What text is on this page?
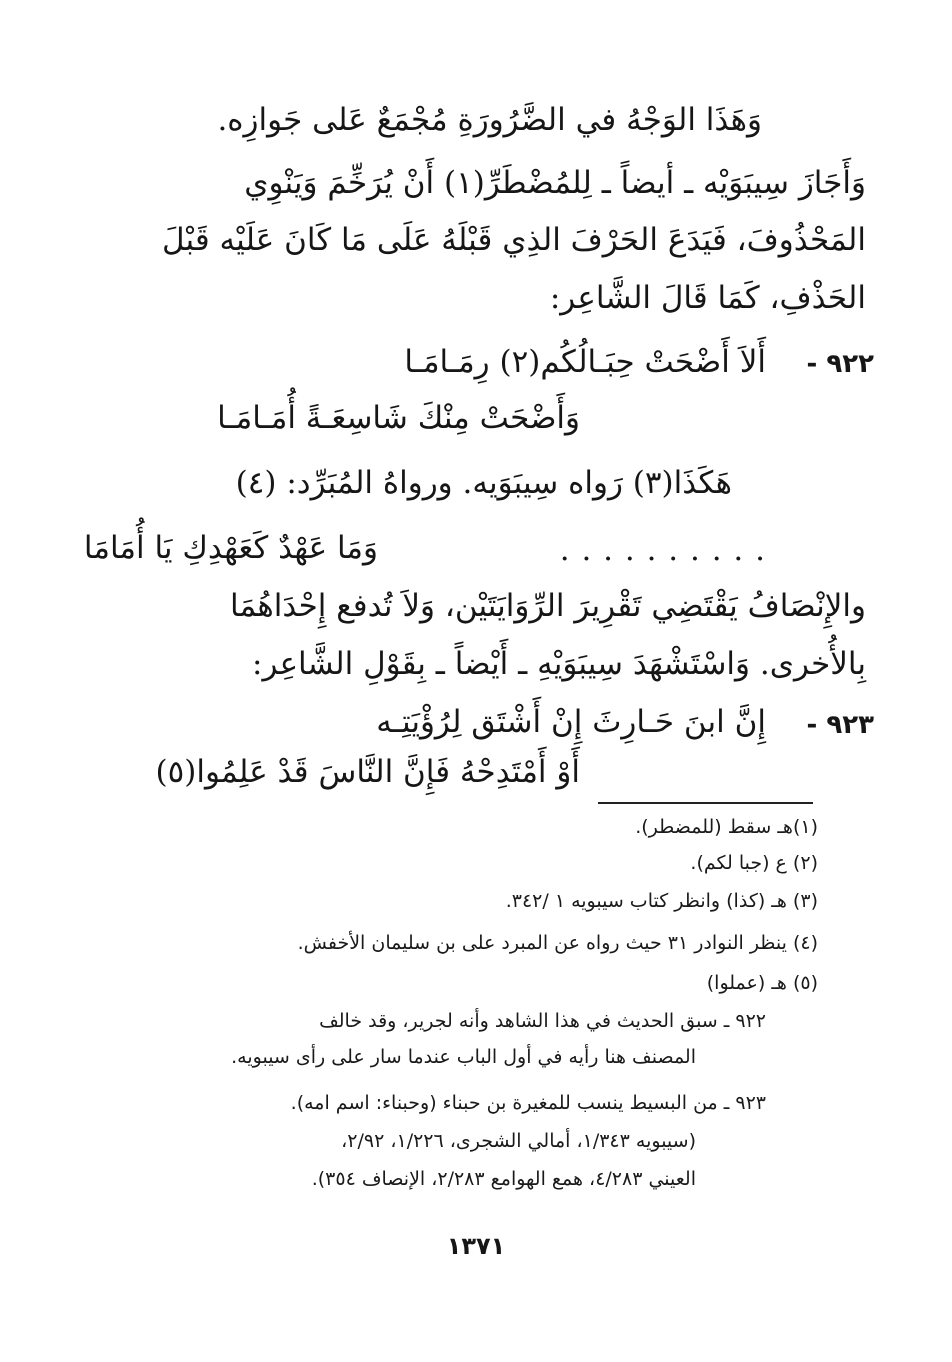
وَهَذَا الوَجْهُ في الضَّرُورَةِ مُجْمَعٌ عَلى جَوازِه.
وَأَجَازَ سِيبَوَيْه ـ أيضاً ـ لِلمُضْطَرِّ(١) أَنْ يُرَخِّمَ وَيَنْوِي
المَحْذُوفَ، فَيَدَعَ الحَرْفَ الذِي قَبْلَهُ عَلَى مَا كَانَ عَلَيْه قَبْلَ
الحَذْفِ، كَمَا قَالَ الشَّاعِر:
٩٢٢ -
أَلاَ أَضْحَتْ حِبَـالُكُم(٢) رِمَـامَـا
وَأَضْحَتْ مِنْكَ شَاسِعَـةً أُمَـامَـا
هَكَذَا(٣) رَواه سِيبَوَيه. ورواهُ المُبَرِّد: (٤)
. . . . . . . . . .
وَمَا عَهْدٌ كَعَهْدِكِ يَا أُمَامَا
والإِنْصَافُ يَقْتَضِي تَقْرِيرَ الرِّوَايَتَيْن، وَلاَ تُدفع إِحْدَاهُمَا
بِالأُخرى. وَاسْتَشْهَدَ سِيبَوَيْهِ ـ أَيْضاً ـ بِقَوْلِ الشَّاعِر:
٩٢٣ -
إِنَّ ابنَ حَـارِثَ إِنْ أَشْتَق لِرُؤْيَتِـه
أَوْ أَمْتَدِحْهُ فَإِنَّ النَّاسَ قَدْ عَلِمُوا(٥)
(١)هـ سقط (للمضطر).
(٢) ع (جبا لكم).
(٣) هـ (كذا) وانظر كتاب سيبويه ١ /٣٤٢.
(٤) ينظر النوادر ٣١ حيث رواه عن المبرد على بن سليمان الأخفش.
(٥) هـ (عملوا)
٩٢٢ ـ سبق الحديث في هذا الشاهد وأنه لجرير، وقد خالف
المصنف هنا رأيه في أول الباب عندما سار على رأى سيبويه.
٩٢٣ ـ من البسيط ينسب للمغيرة بن حبناء (وحبناء: اسم امه).
(سيبويه ١/٣٤٣، أمالي الشجرى، ١/٢٢٦، ٢/٩٢،
العيني ٤/٢٨٣، همع الهوامع ٢/٢٨٣، الإنصاف ٣٥٤).
١٣٧١
